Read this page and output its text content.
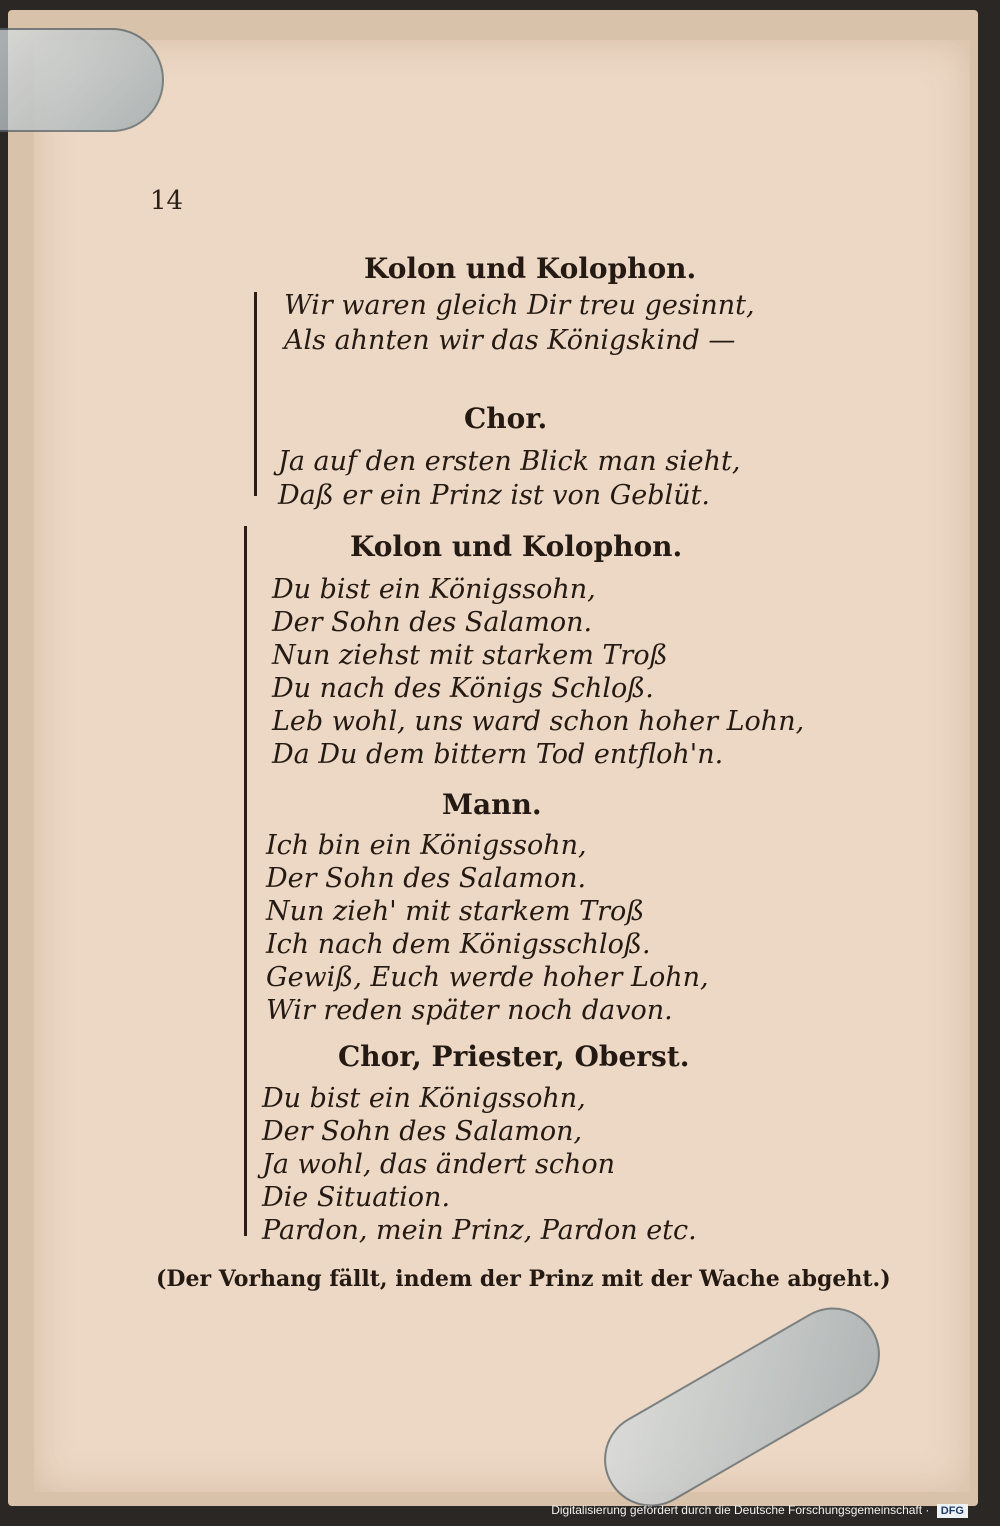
14
Kolon und Kolophon.
Wir waren gleich Dir treu gesinnt,
Als ahnten wir das Königskind —
Chor.
Ja auf den ersten Blick man sieht,
Daß er ein Prinz ist von Geblüt.
Kolon und Kolophon.
Du bist ein Königssohn,
Der Sohn des Salamon.
Nun ziehst mit starkem Troß
Du nach des Königs Schloß.
Leb wohl, uns ward schon hoher Lohn,
Da Du dem bittern Tod entfloh'n.
Mann.
Ich bin ein Königssohn,
Der Sohn des Salamon.
Nun zieh' mit starkem Troß
Ich nach dem Königsschloß.
Gewiß, Euch werde hoher Lohn,
Wir reden später noch davon.
Chor, Priester, Oberst.
Du bist ein Königssohn,
Der Sohn des Salamon,
Ja wohl, das ändert schon
Die Situation.
Pardon, mein Prinz, Pardon etc.
(Der Vorhang fällt, indem der Prinz mit der Wache abgeht.)
Digitalisierung gefördert durch die Deutsche Forschungsgemeinschaft · DFG
